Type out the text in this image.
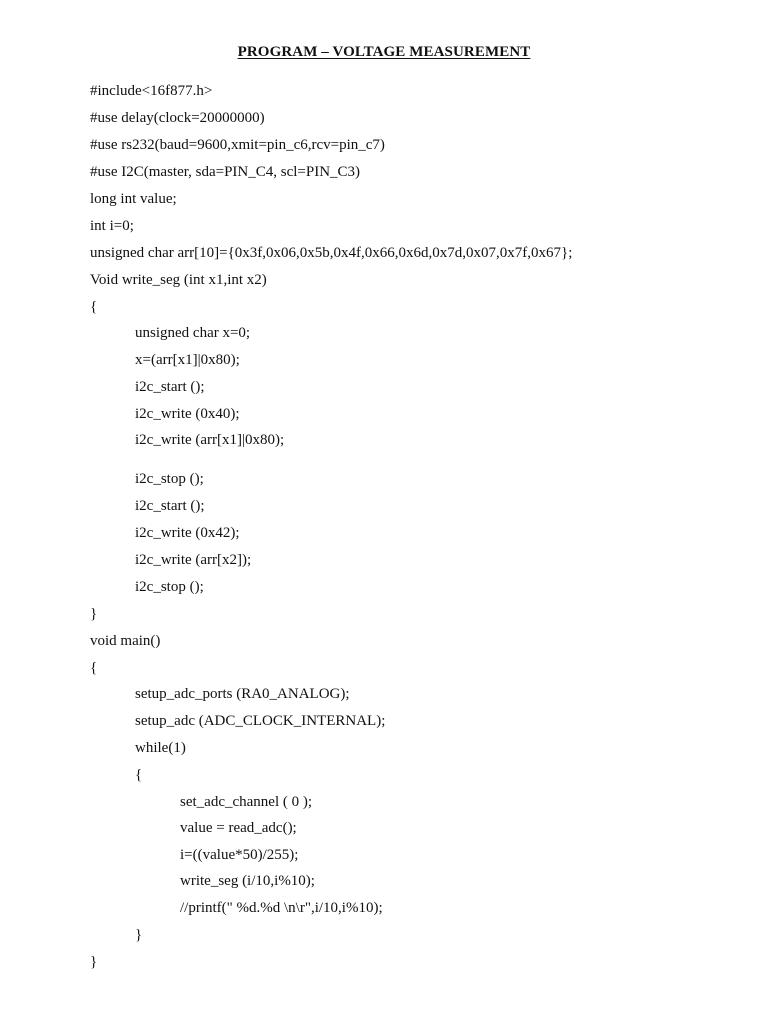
PROGRAM – VOLTAGE MEASUREMENT
#include<16f877.h>
#use delay(clock=20000000)
#use rs232(baud=9600,xmit=pin_c6,rcv=pin_c7)
#use I2C(master, sda=PIN_C4, scl=PIN_C3)
long int value;
int i=0;
unsigned char arr[10]={0x3f,0x06,0x5b,0x4f,0x66,0x6d,0x7d,0x07,0x7f,0x67};
Void write_seg (int x1,int x2)
{
unsigned char x=0;
x=(arr[x1]|0x80);
i2c_start ();
i2c_write (0x40);
i2c_write (arr[x1]|0x80);
i2c_stop ();
i2c_start ();
i2c_write (0x42);
i2c_write (arr[x2]);
i2c_stop ();
}
void main()
{
setup_adc_ports (RA0_ANALOG);
setup_adc (ADC_CLOCK_INTERNAL);
while(1)
{
set_adc_channel ( 0 );
value = read_adc();
i=((value*50)/255);
write_seg (i/10,i%10);
//printf(" %d.%d \n\r",i/10,i%10);
}
}
